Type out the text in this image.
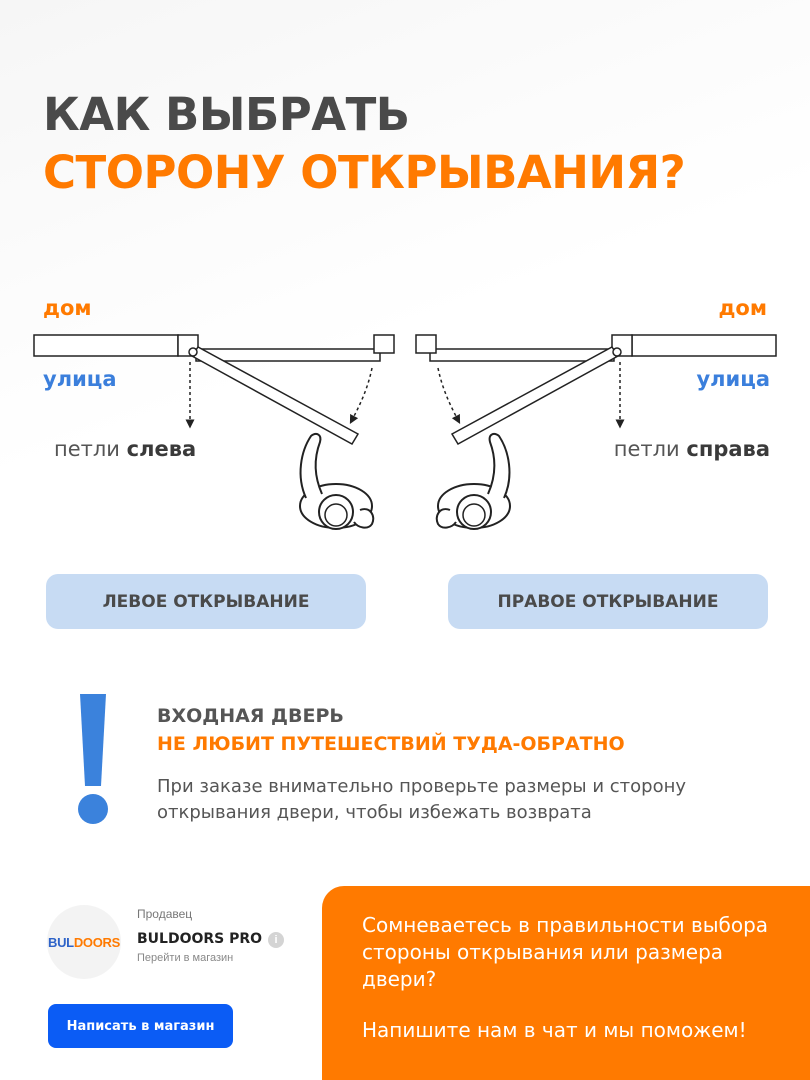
КАК ВЫБРАТЬ
СТОРОНУ ОТКРЫВАНИЯ?
дом	дом
улица	улица
петли слева	петли справа
ЛЕВОЕ ОТКРЫВАНИЕ	ПРАВОЕ ОТКРЫВАНИЕ
ВХОДНАЯ ДВЕРЬ
НЕ ЛЮБИТ ПУТЕШЕСТВИЙ ТУДА-ОБРАТНО
При заказе внимательно проверьте размеры и сторону открывания двери, чтобы избежать возврата
BUL DOORS
Продавец
BULDOORS PRO	i
Перейти в магазин
Написать в магазин

Сомневаетесь в правильности выбора стороны открывания или размера двери?

Напишите нам в чат и мы поможем!
